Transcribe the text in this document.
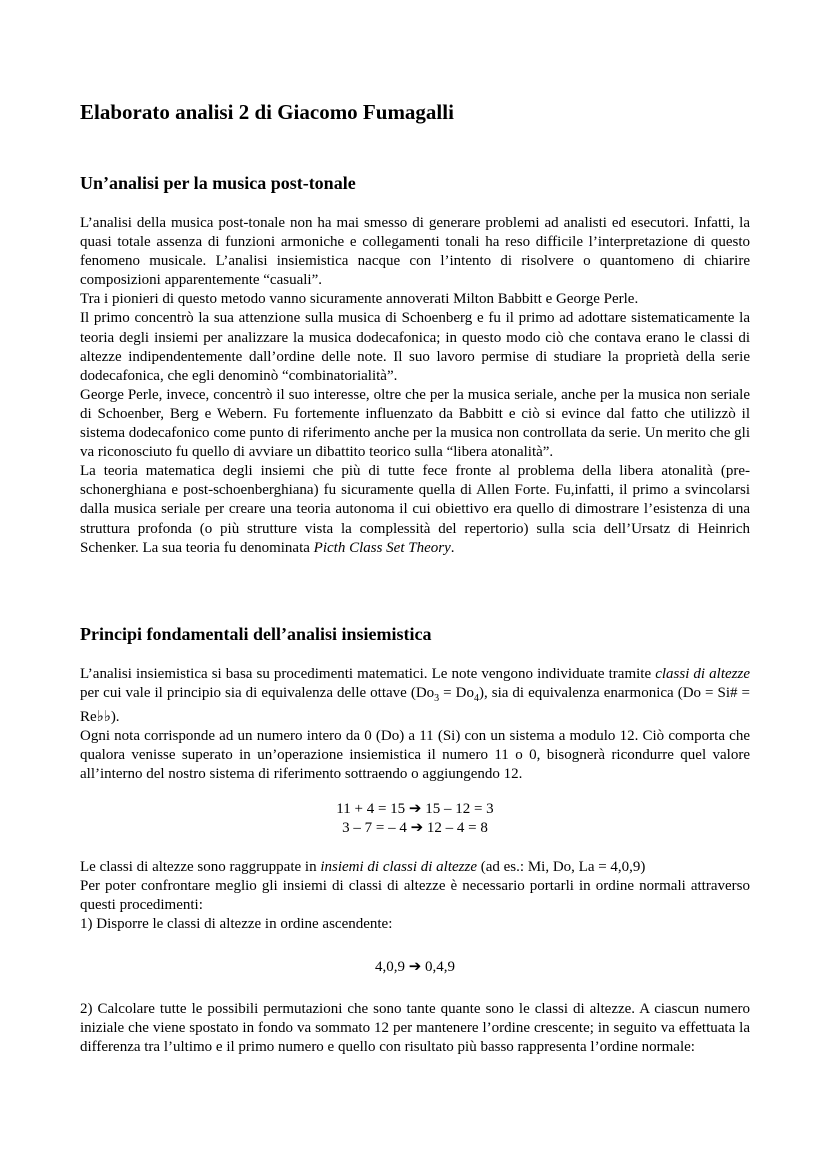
Elaborato analisi 2 di Giacomo Fumagalli
Un’analisi per la musica post-tonale

L’analisi della musica post-tonale non ha mai smesso di generare problemi ad analisti ed esecutori. Infatti, la quasi totale assenza di funzioni armoniche e collegamenti tonali ha reso difficile l’interpretazione di questo fenomeno musicale. L’analisi insiemistica nacque con l’intento di risolvere o quantomeno di chiarire composizioni apparentemente “casuali”.

Tra i pionieri di questo metodo vanno sicuramente annoverati Milton Babbitt e George Perle.

Il primo concentrò la sua attenzione sulla musica di Schoenberg e fu il primo ad adottare sistematicamente la teoria degli insiemi per analizzare la musica dodecafonica; in questo modo ciò che contava erano le classi di altezze indipendentemente dall’ordine delle note. Il suo lavoro permise di studiare la proprietà della serie dodecafonica, che egli denominò “combinatorialità”.

George Perle, invece, concentrò il suo interesse, oltre che per la musica seriale, anche per la musica non seriale di Schoenber, Berg e Webern. Fu fortemente influenzato da Babbitt e ciò si evince dal fatto che utilizzò il sistema dodecafonico come punto di riferimento anche per la musica non controllata da serie. Un merito che gli va riconosciuto fu quello di avviare un dibattito teorico sulla “libera atonalità”.

La teoria matematica degli insiemi che più di tutte fece fronte al problema della libera atonalità (pre-schonerghiana e post-schoenberghiana) fu sicuramente quella di Allen Forte. Fu,infatti, il primo a svincolarsi dalla musica seriale per creare una teoria autonoma il cui obiettivo era quello di dimostrare l’esistenza di una struttura profonda (o più strutture vista la complessità del repertorio) sulla scia dell’Ursatz di Heinrich Schenker. La sua teoria fu denominata Picth Class Set Theory.

Principi fondamentali dell’analisi insiemistica

L’analisi insiemistica si basa su procedimenti matematici. Le note vengono individuate tramite classi di altezze per cui vale il principio sia di equivalenza delle ottave $(Do_3 = Do_4)$, sia di equivalenza enarmonica (Do = Si# = Re♭♭).

Ogni nota corrisponde ad un numero intero da 0 (Do) a 11 (Si) con un sistema a modulo 12. Ciò comporta che qualora venisse superato in un’operazione insiemistica il numero 11 o 0, bisognerà ricondurre quel valore all’interno del nostro sistema di riferimento sottraendo o aggiungendo 12.

11 + 4 = 15 ➔ 15 – 12 = 3
3 – 7 = – 4 ➔ 12 – 4 = 8

Le classi di altezze sono raggruppate in insiemi di classi di altezze (ad es.: Mi, Do, La = 4,0,9)

Per poter confrontare meglio gli insiemi di classi di altezze è necessario portarli in ordine normali attraverso questi procedimenti:

1) Disporre le classi di altezze in ordine ascendente:

4,0,9 ➔ 0,4,9

2) Calcolare tutte le possibili permutazioni che sono tante quante sono le classi di altezze. A ciascun numero iniziale che viene spostato in fondo va sommato 12 per mantenere l’ordine crescente; in seguito va effettuata la differenza tra l’ultimo e il primo numero e quello con risultato più basso rappresenta l’ordine normale:
